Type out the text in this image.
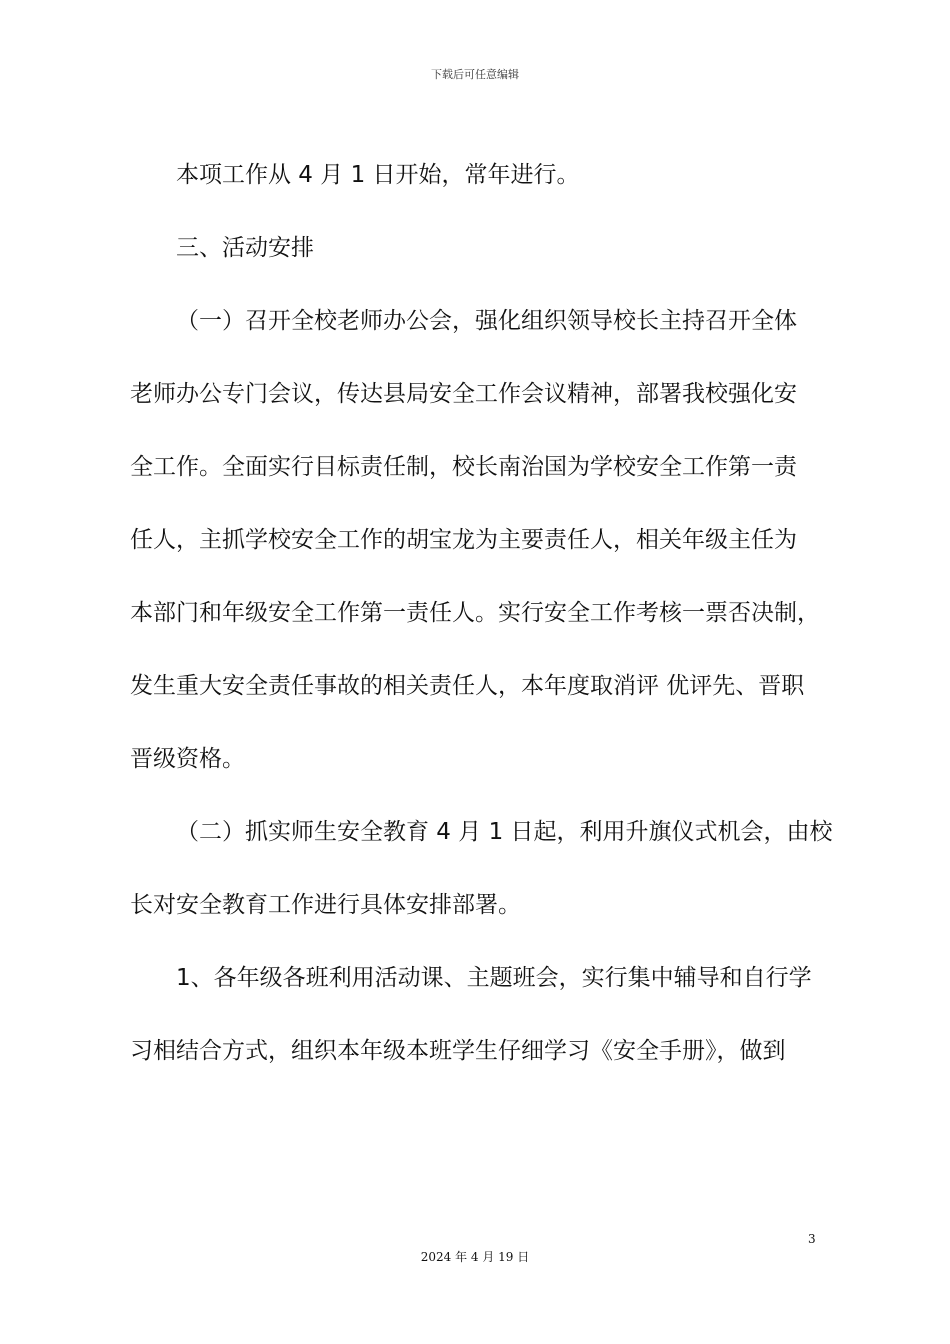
下载后可任意编辑
本项工作从 4 月 1 日开始，常年进行。
三、活动安排
（一）召开全校老师办公会，强化组织领导校长主持召开全体
老师办公专门会议，传达县局安全工作会议精神，部署我校强化安
全工作。全面实行目标责任制，校长南治国为学校安全工作第一责
任人，主抓学校安全工作的胡宝龙为主要责任人，相关年级主任为
本部门和年级安全工作第一责任人。实行安全工作考核一票否决制，
发生重大安全责任事故的相关责任人，本年度取消评 优评先、晋职
晋级资格。
（二）抓实师生安全教育 4 月 1 日起，利用升旗仪式机会，由校
长对安全教育工作进行具体安排部署。
1、各年级各班利用活动课、主题班会，实行集中辅导和自行学
习相结合方式，组织本年级本班学生仔细学习《安全手册》，做到
3
2024 年 4 月 19 日
